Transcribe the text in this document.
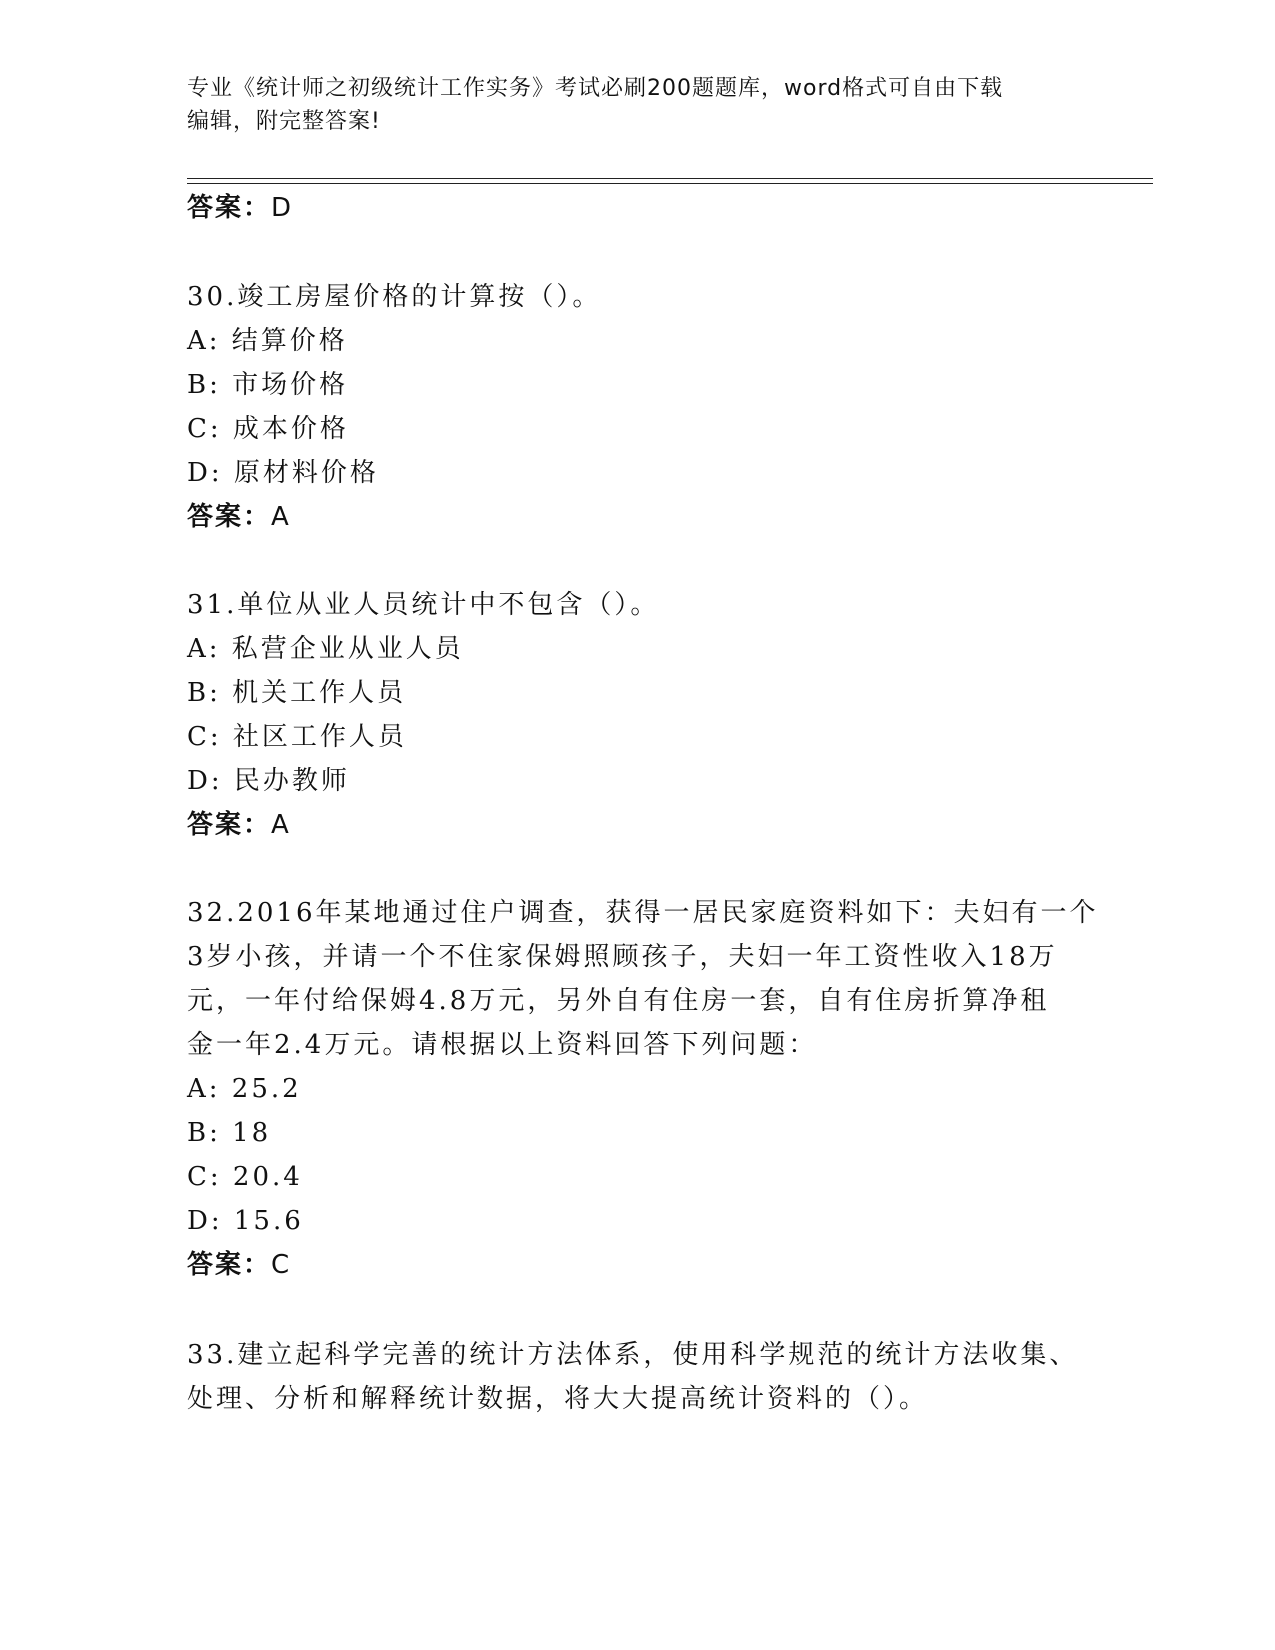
专业《统计师之初级统计工作实务》考试必刷200题题库，word格式可自由下载
编辑，附完整答案!
答案：D
30.竣工房屋价格的计算按（）。
A: 结算价格
B: 市场价格
C: 成本价格
D: 原材料价格
答案：A
31.单位从业人员统计中不包含（）。
A: 私营企业从业人员
B: 机关工作人员
C: 社区工作人员
D: 民办教师
答案：A
32.2016年某地通过住户调查，获得一居民家庭资料如下：夫妇有一个
3岁小孩，并请一个不住家保姆照顾孩子，夫妇一年工资性收入18万
元，一年付给保姆4.8万元，另外自有住房一套，自有住房折算净租
金一年2.4万元。请根据以上资料回答下列问题：
A: 25.2
B: 18
C: 20.4
D: 15.6
答案：C
33.建立起科学完善的统计方法体系，使用科学规范的统计方法收集、
处理、分析和解释统计数据，将大大提高统计资料的（）。
